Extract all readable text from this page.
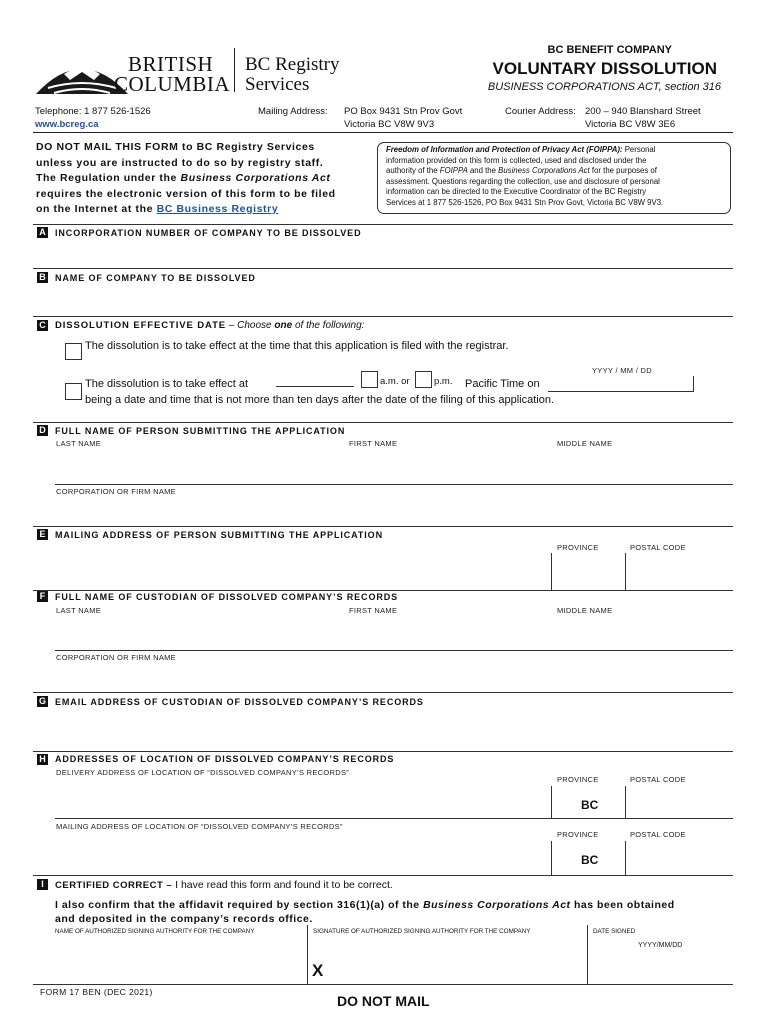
BRITISH
COLUMBIA
BC Registry
Services
BC BENEFIT COMPANY
VOLUNTARY DISSOLUTION
BUSINESS CORPORATIONS ACT, section 316
Telephone: 1 877 526-1526
www.bcreg.ca
Mailing Address: PO Box 9431 Stn Prov Govt
Victoria BC V8W 9V3
Courier Address: 200 – 940 Blanshard Street
Victoria BC V8W 3E6
DO NOT MAIL THIS FORM to BC Registry Services
unless you are instructed to do so by registry staff.
The Regulation under the Business Corporations Act
requires the electronic version of this form to be filed
on the Internet at the BC Business Registry
Freedom of Information and Protection of Privacy Act (FOIPPA): Personal
information provided on this form is collected, used and disclosed under the
authority of the FOIPPA and the Business Corporations Act for the purposes of
assessment. Questions regarding the collection, use and disclosure of personal
information can be directed to the Executive Coordinator of the BC Registry
Services at 1 877 526-1526, PO Box 9431 Stn Prov Govt, Victoria BC V8W 9V3.
A INCORPORATION NUMBER OF COMPANY TO BE DISSOLVED
B NAME OF COMPANY TO BE DISSOLVED
C DISSOLUTION EFFECTIVE DATE – Choose one of the following:
The dissolution is to take effect at the time that this application is filed with the registrar.
YYYY / MM / DD
The dissolution is to take effect at	a.m. or	p.m. Pacific Time on
being a date and time that is not more than ten days after the date of the filing of this application.
D FULL NAME OF PERSON SUBMITTING THE APPLICATION
LAST NAME	FIRST NAME	MIDDLE NAME
CORPORATION OR FIRM NAME
E MAILING ADDRESS OF PERSON SUBMITTING THE APPLICATION
PROVINCE	POSTAL CODE
F	FULL NAME OF CUSTODIAN OF DISSOLVED COMPANY’S RECORDS
LAST NAME	FIRST NAME	MIDDLE NAME
CORPORATION OR FIRM NAME
G EMAIL ADDRESS OF CUSTODIAN OF DISSOLVED COMPANY’S RECORDS
H ADDRESSES OF LOCATION OF DISSOLVED COMPANY’S RECORDS
DELIVERY ADDRESS OF LOCATION OF “DISSOLVED COMPANY’S RECORDS”
PROVINCE	POSTAL CODE
BC
MAILING ADDRESS OF LOCATION OF “DISSOLVED COMPANY’S RECORDS”
PROVINCE	POSTAL CODE
BC
I	CERTIFIED CORRECT – I have read this form and found it to be correct.
I also confirm that the affidavit required by section 316(1)(a) of the Business Corporations Act has been obtained
and deposited in the company’s records office.
NAME OF AUTHORIZED SIGNING AUTHORITY FOR THE COMPANY	SIGNATURE OF AUTHORIZED SIGNING AUTHORITY FOR THE COMPANY	DATE SIGNED
YYYY/MM/DD
X
FORM 17 BEN (DEC 2021)
DO NOT MAIL
